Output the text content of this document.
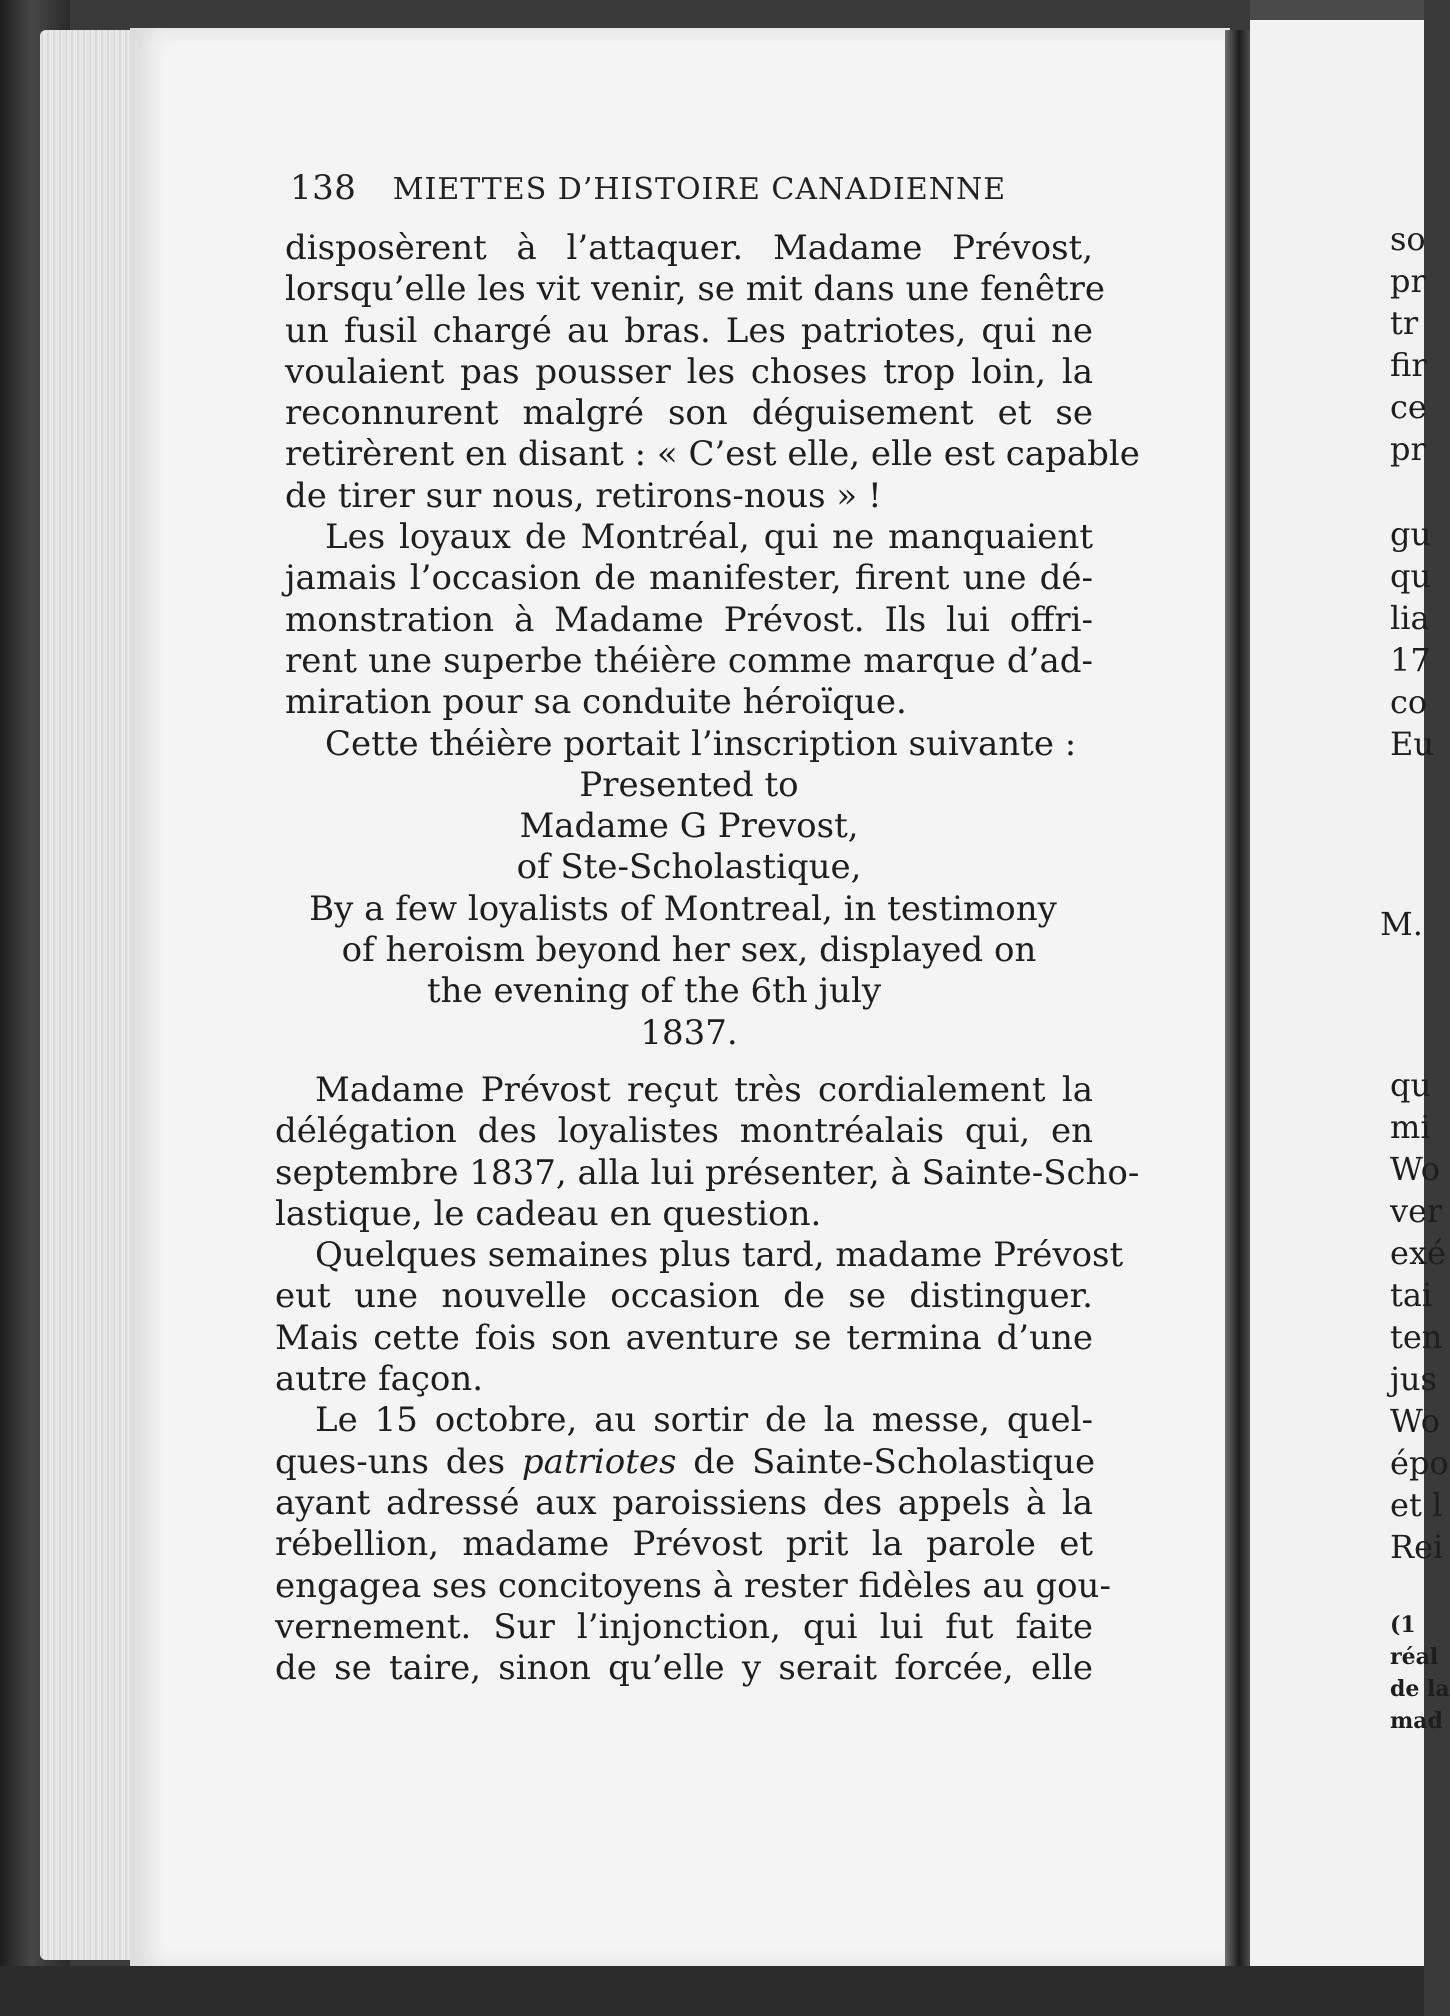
138 MIETTES D’HISTOIRE CANADIENNE
disposèrent à l’attaquer. Madame Prévost,
lorsqu’elle les vit venir, se mit dans une fenêtre
un fusil chargé au bras. Les patriotes, qui ne
voulaient pas pousser les choses trop loin, la
reconnurent malgré son déguisement et se
retirèrent en disant : « C’est elle, elle est capable
de tirer sur nous, retirons-nous » !
Les loyaux de Montréal, qui ne manquaient
jamais l’occasion de manifester, firent une dé-
monstration à Madame Prévost. Ils lui offri-
rent une superbe théière comme marque d’ad-
miration pour sa conduite héroïque.
Cette théière portait l’inscription suivante :
Presented to
Madame G Prevost,
of Ste-Scholastique,
By a few loyalists of Montreal, in testimony
of heroism beyond her sex, displayed on
the evening of the 6th july
1837.
Madame Prévost reçut très cordialement la
délégation des loyalistes montréalais qui, en
septembre 1837, alla lui présenter, à Sainte-Scho-
lastique, le cadeau en question.
Quelques semaines plus tard, madame Prévost
eut une nouvelle occasion de se distinguer.
Mais cette fois son aventure se termina d’une
autre façon.
Le 15 octobre, au sortir de la messe, quel-
ques-uns des patriotes de Sainte-Scholastique
ayant adressé aux paroissiens des appels à la
rébellion, madame Prévost prit la parole et
engagea ses concitoyens à rester fidèles au gou-
vernement. Sur l’injonction, qui lui fut faite
de se taire, sinon qu’elle y serait forcée, elle
so
pr
tr
fir
ce
pr
gu
qu
lia
17
co
Eu
M.
qu
mi
Wo
ver
exé
tai
ten
jus
Wo
épo
et l
Rei
(1
réal
de la
mad
